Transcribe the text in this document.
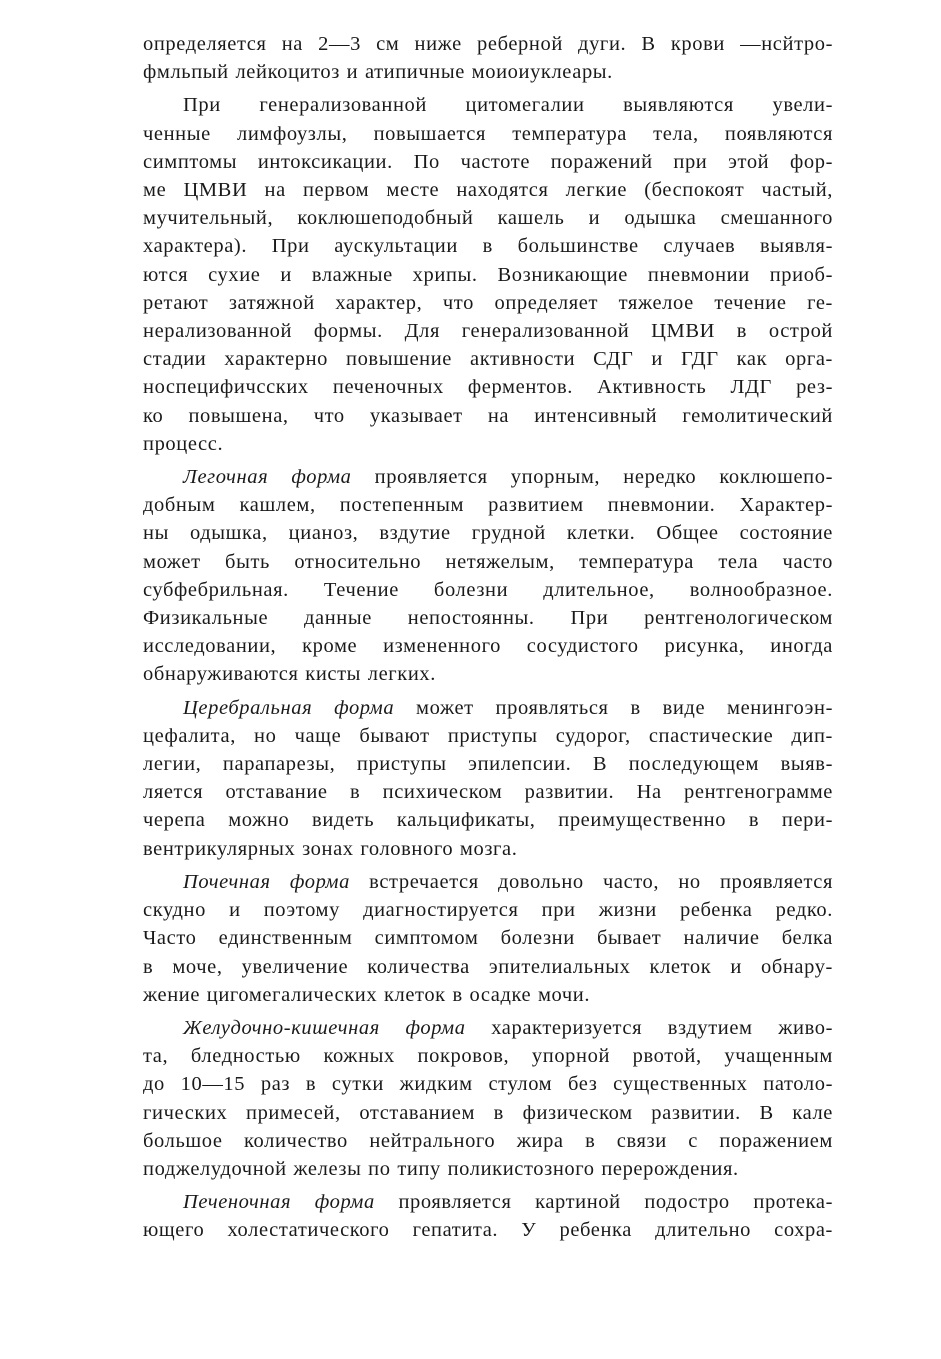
определяется на 2—3 см ниже реберной дуги. В крови —нсйтро-
фмльпый лейкоцитоз и атипичные моиоиуклеары.
При генерализованной цитомегалии выявляются увели-
ченные лимфоузлы, повышается температура тела, появляются
симптомы интоксикации. По частоте поражений при этой фор-
ме ЦМВИ на первом месте находятся легкие (беспокоят частый,
мучительный, коклюшеподобный кашель и одышка смешанного
характера). При аускультации в большинстве случаев выявля-
ются сухие и влажные хрипы. Возникающие пневмонии приоб-
ретают затяжной характер, что определяет тяжелое течение ге-
нерализованной формы. Для генерализованной ЦМВИ в острой
стадии характерно повышение активности СДГ и ГДГ как орга-
носпецифичсских печеночных ферментов. Активность ЛДГ рез-
ко повышена, что указывает на интенсивный гемолитический
процесс.
Легочная форма проявляется упорным, нередко коклюшепо-
добным кашлем, постепенным развитием пневмонии. Характер-
ны одышка, цианоз, вздутие грудной клетки. Общее состояние
может быть относительно нетяжелым, температура тела часто
субфебрильная. Течение болезни длительное, волнообразное.
Физикальные данные непостоянны. При рентгенологическом
исследовании, кроме измененного сосудистого рисунка, иногда
обнаруживаются кисты легких.
Церебральная форма может проявляться в виде менингоэн-
цефалита, но чаще бывают приступы судорог, спастические дип-
легии, парапарезы, приступы эпилепсии. В последующем выяв-
ляется отставание в психическом развитии. На рентгенограмме
черепа можно видеть кальцификаты, преимущественно в пери-
вентрикулярных зонах головного мозга.
Почечная форма встречается довольно часто, но проявляется
скудно и поэтому диагностируется при жизни ребенка редко.
Часто единственным симптомом болезни бывает наличие белка
в моче, увеличение количества эпителиальных клеток и обнару-
жение цигомегалических клеток в осадке мочи.
Желудочно-кишечная форма характеризуется вздутием живо-
та, бледностью кожных покровов, упорной рвотой, учащенным
до 10—15 раз в сутки жидким стулом без существенных патоло-
гических примесей, отставанием в физическом развитии. В кале
большое количество нейтрального жира в связи с поражением
поджелудочной железы по типу поликистозного перерождения.
Печеночная форма проявляется картиной подостро протека-
ющего холестатического гепатита. У ребенка длительно сохра-
